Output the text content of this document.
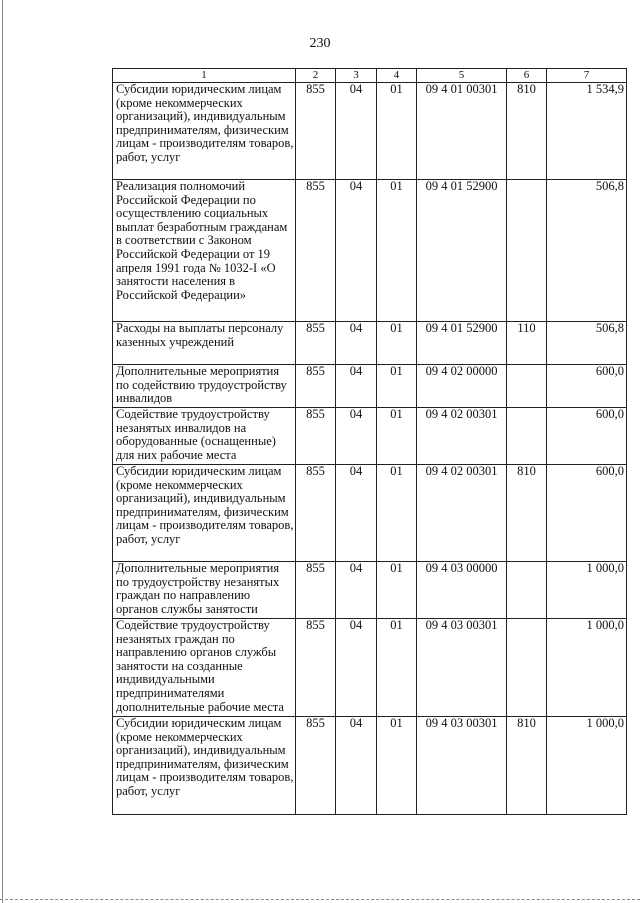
230
1	2	3	4	5	6	7
Субсидии юридическим лицам (кроме некоммерческих организаций), индивидуальным предпринимателям, физическим лицам - производителям товаров, работ, услуг	855	04	01	09 4 01 00301	810	1 534,9
Реализация полномочий Российской Федерации по осуществлению социальных выплат безработным гражданам в соответствии с Законом Российской Федерации от 19 апреля 1991 года № 1032-I «О занятости населения в Российской Федерации»	855	04	01	09 4 01 52900		506,8
Расходы на выплаты персоналу казенных учреждений	855	04	01	09 4 01 52900	110	506,8
Дополнительные мероприятия по содействию трудоустройству инвалидов	855	04	01	09 4 02 00000		600,0
Содействие трудоустройству незанятых инвалидов на оборудованные (оснащенные) для них рабочие места	855	04	01	09 4 02 00301		600,0
Субсидии юридическим лицам (кроме некоммерческих организаций), индивидуальным предпринимателям, физическим лицам - производителям товаров, работ, услуг	855	04	01	09 4 02 00301	810	600,0
Дополнительные мероприятия по трудоустройству незанятых граждан по направлению органов службы занятости	855	04	01	09 4 03 00000		1 000,0
Содействие трудоустройству незанятых граждан по направлению органов службы занятости на созданные индивидуальными предпринимателями дополнительные рабочие места	855	04	01	09 4 03 00301		1 000,0
Субсидии юридическим лицам (кроме некоммерческих организаций), индивидуальным предпринимателям, физическим лицам - производителям товаров, работ, услуг	855	04	01	09 4 03 00301	810	1 000,0
